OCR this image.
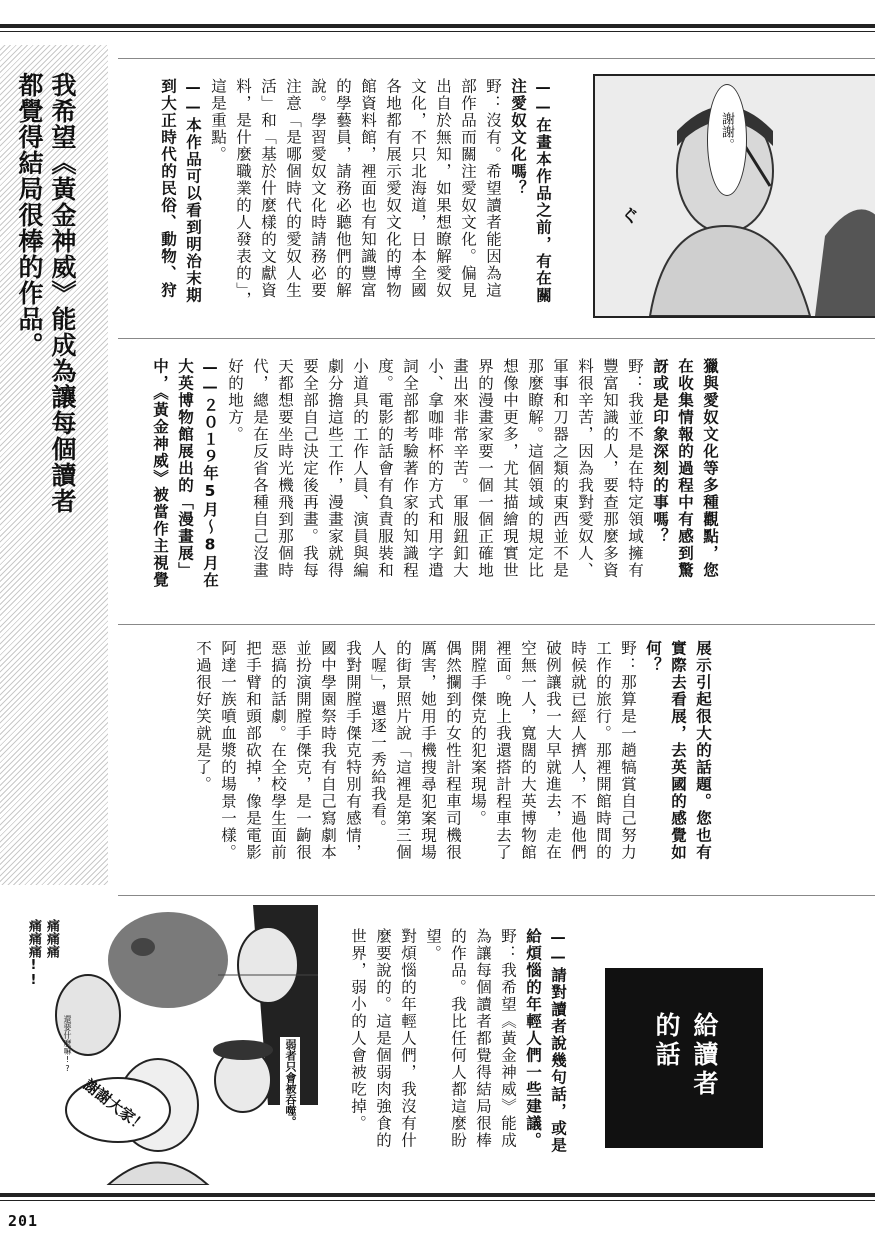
我希望《黃金神威》能成為讓每個讀者
都覺得結局很棒的作品。	謝謝。
ぐ
——在畫本作品之前，有在關
注愛奴文化嗎？
野：沒有。希望讀者能因為這
部作品而關注愛奴文化。偏見
出自於無知，如果想瞭解愛奴
文化，不只北海道，日本全國
各地都有展示愛奴文化的博物
館資料館，裡面也有知識豐富
的學藝員，請務必聽他們的解
說。學習愛奴文化時請務必要
注意「是哪個時代的愛奴人生
活」和「基於什麼樣的文獻資
料，是什麼職業的人發表的」，
這是重點。
——本作品可以看到明治末期
到大正時代的民俗、動物、狩
獵與愛奴文化等多種觀點，您
在收集情報的過程中有感到驚
訝或是印象深刻的事嗎？
野：我並不是在特定領域擁有
豐富知識的人，要查那麼多資
料很辛苦，因為我對愛奴人、
軍事和刀器之類的東西並不是
那麼瞭解。這個領域的規定比
想像中更多，尤其描繪現實世
界的漫畫家要一個一個正確地
畫出來非常辛苦。軍服鈕釦大
小、拿咖啡杯的方式和用字遣
詞全部都考驗著作家的知識程
度。電影的話會有負責服裝和
小道具的工作人員、演員與編
劇分擔這些工作，漫畫家就得
要全部自己決定後再畫。我每
天都想要坐時光機飛到那個時
代，總是在反省各種自己沒畫
好的地方。
——２０１９年5月～8月在
大英博物館展出的「漫畫展」
中，《黃金神威》被當作主視覺
展示引起很大的話題。您也有
實際去看展，去英國的感覺如
何？
野：那算是一趟犒賞自己努力
工作的旅行。那裡開館時間的
時候就已經人擠人，不過他們
破例讓我一大早就進去，走在
空無一人，寬闊的大英博物館
裡面。晚上我還搭計程車去了
開膛手傑克的犯案現場。
偶然攔到的女性計程車司機很
厲害，她用手機搜尋犯案現場
的街景照片說「這裡是第三個
人喔」，還逐一秀給我看。
我對開膛手傑克特別有感情，
國中學園祭時我有自己寫劇本
並扮演開膛手傑克，是一齣很
惡搞的話劇。在全校學生面前
把手臂和頭部砍掉，像是電影
阿達一族噴血漿的場景一樣。
不過很好笑就是了。
給讀者
的話
——請對讀者說幾句話，或是
給煩惱的年輕人們一些建議。
野：我希望《黃金神威》能成
為讓每個讀者都覺得結局很棒
的作品。我比任何人都這麼盼
望。
對煩惱的年輕人們，我沒有什
麼要說的。這是個弱肉強食的
世界，弱小的人會被吃掉。
痛痛痛
痛痛痛!!
還要什麼嘛!?	弱者只會被吞噬。
謝謝大家！
201
